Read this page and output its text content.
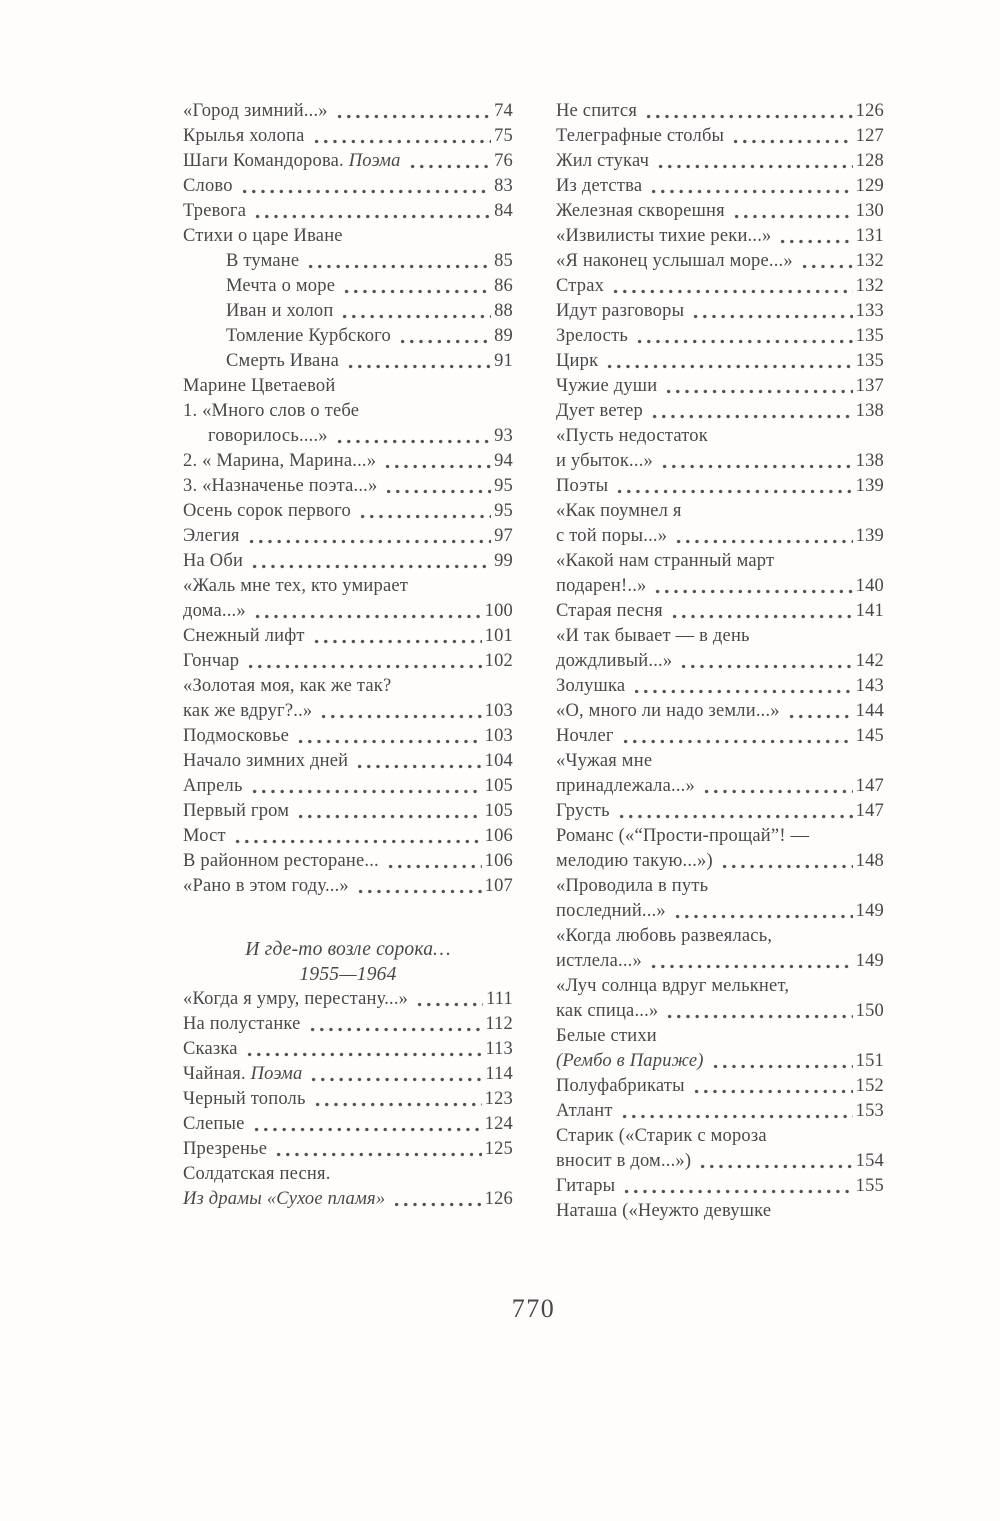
«Город зимний...»	74
Крылья холопа	75
Шаги Командорова. Поэма	76
Слово	83
Тревога	84
Стихи о царе Иване
В тумане	85
Мечта о море	86
Иван и холоп	88
Томление Курбского	89
Смерть Ивана	91
Марине Цветаевой
1. «Много слов о тебе
говорилось....»	93
2. « Марина, Марина...»	94
3. «Назначенье поэта...»	95
Осень сорок первого	95
Элегия	97
На Оби	99
«Жаль мне тех, кто умирает
дома...»	100
Снежный лифт	101
Гончар	102
«Золотая моя, как же так?
как же вдруг?..»	103
Подмосковье	103
Начало зимних дней	104
Апрель	105
Первый гром	105
Мост	106
В районном ресторане...	106
«Рано в этом году...»	107
И где-то возле сорока…
1955—1964
«Когда я умру, перестану...»	111
На полустанке	112
Сказка	113
Чайная. Поэма	114
Черный тополь	123
Слепые	124
Презренье	125
Солдатская песня.
Из драмы «Сухое пламя»	126
Не спится	126
Телеграфные столбы	127
Жил стукач	128
Из детства	129
Железная скворешня	130
«Извилисты тихие реки...»	131
«Я наконец услышал море...»	132
Страх	132
Идут разговоры	133
Зрелость	135
Цирк	135
Чужие души	137
Дует ветер	138
«Пусть недостаток
и убыток...»	138
Поэты	139
«Как поумнел я
с той поры...»	139
«Какой нам странный март
подарен!..»	140
Старая песня	141
«И так бывает — в день
дождливый...»	142
Золушка	143
«О, много ли надо земли...»	144
Ночлег	145
«Чужая мне
принадлежала...»	147
Грусть	147
Романс («“Прости-прощай”! —
мелодию такую...»)	148
«Проводила в путь
последний...»	149
«Когда любовь развеялась,
истлела...»	149
«Луч солнца вдруг мелькнет,
как спица...»	150
Белые стихи
(Рембо в Париже)	151
Полуфабрикаты	152
Атлант	153
Старик («Старик с мороза
вносит в дом...»)	154
Гитары	155
Наташа («Неужто девушке
770
